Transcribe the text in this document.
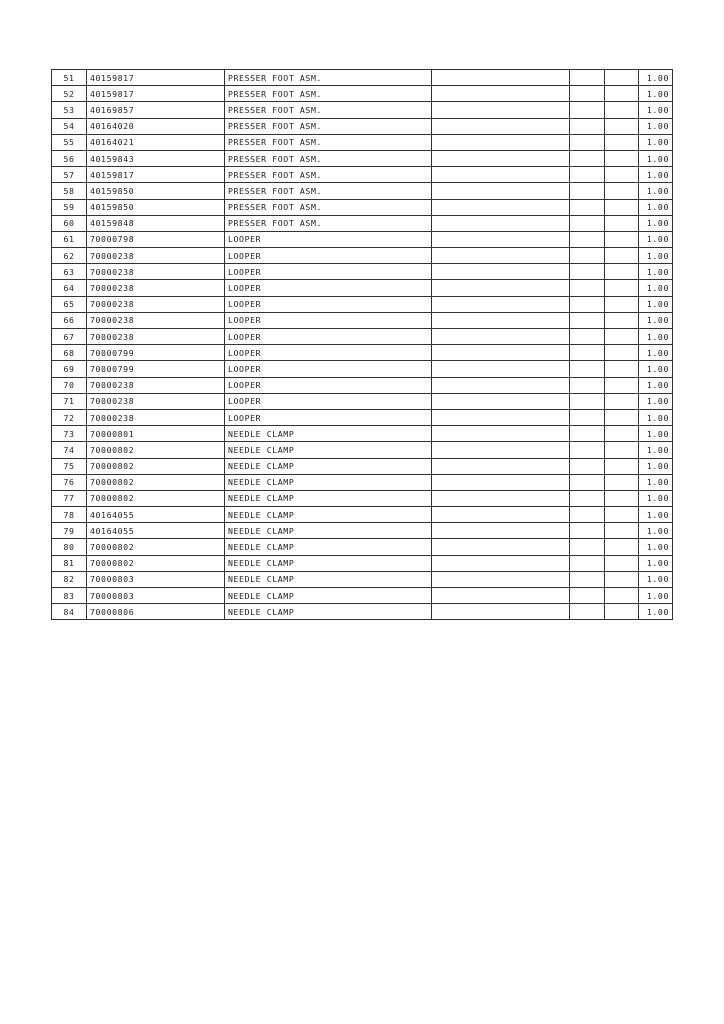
51	40159817	PRESSER FOOT ASM.				1.00
52	40159817	PRESSER FOOT ASM.				1.00
53	40169857	PRESSER FOOT ASM.				1.00
54	40164020	PRESSER FOOT ASM.				1.00
55	40164021	PRESSER FOOT ASM.				1.00
56	40159843	PRESSER FOOT ASM.				1.00
57	40159817	PRESSER FOOT ASM.				1.00
58	40159850	PRESSER FOOT ASM.				1.00
59	40159850	PRESSER FOOT ASM.				1.00
60	40159848	PRESSER FOOT ASM.				1.00
61	70000798	LOOPER				1.00
62	70000238	LOOPER				1.00
63	70000238	LOOPER				1.00
64	70000238	LOOPER				1.00
65	70000238	LOOPER				1.00
66	70000238	LOOPER				1.00
67	70000238	LOOPER				1.00
68	70000799	LOOPER				1.00
69	70000799	LOOPER				1.00
70	70000238	LOOPER				1.00
71	70000238	LOOPER				1.00
72	70000238	LOOPER				1.00
73	70000801	NEEDLE CLAMP				1.00
74	70000802	NEEDLE CLAMP				1.00
75	70000802	NEEDLE CLAMP				1.00
76	70000802	NEEDLE CLAMP				1.00
77	70000802	NEEDLE CLAMP				1.00
78	40164055	NEEDLE CLAMP				1.00
79	40164055	NEEDLE CLAMP				1.00
80	70000802	NEEDLE CLAMP				1.00
81	70000802	NEEDLE CLAMP				1.00
82	70000803	NEEDLE CLAMP				1.00
83	70000803	NEEDLE CLAMP				1.00
84	70000806	NEEDLE CLAMP				1.00
